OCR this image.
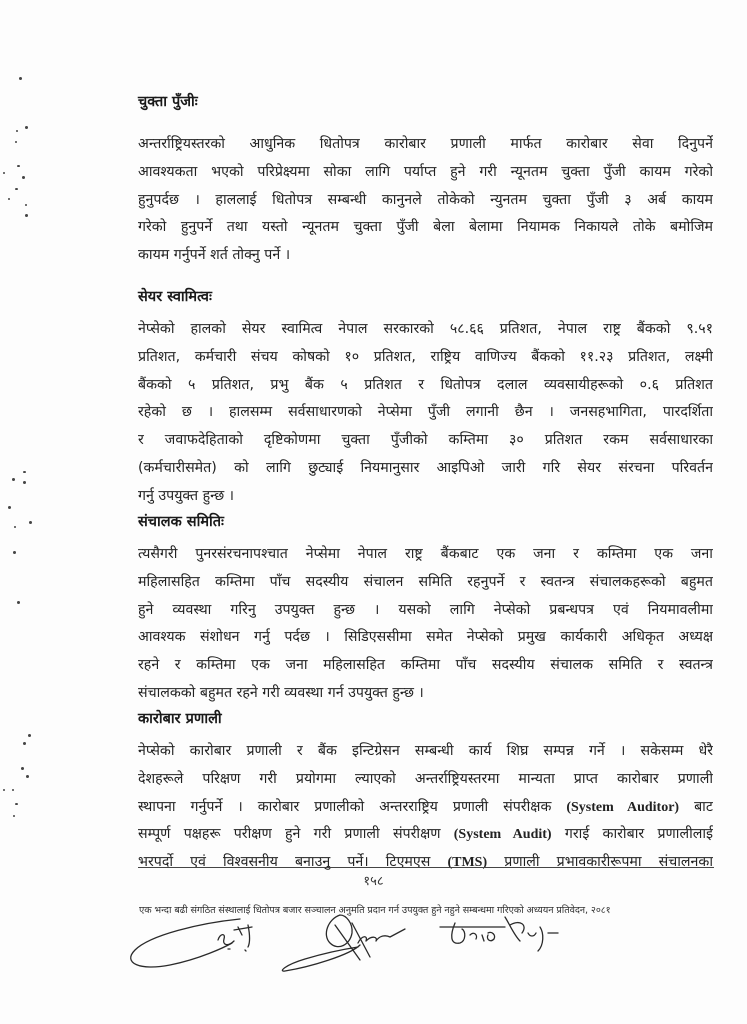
चुक्ता पुँजीः
अन्तर्राष्ट्रियस्तरको आधुनिक धितोपत्र कारोबार प्रणाली मार्फत कारोबार सेवा दिनुपर्ने
आवश्यकता भएको परिप्रेक्ष्यमा सोका लागि पर्याप्त हुने गरी न्यूनतम चुक्ता पुँजी कायम गरेको
हुनुपर्दछ । हाललाई धितोपत्र सम्बन्धी कानुनले तोकेको न्युनतम चुक्ता पुँजी ३ अर्ब कायम
गरेको हुनुपर्ने तथा यस्तो न्यूनतम चुक्ता पुँजी बेला बेलामा नियामक निकायले तोके बमोजिम
कायम गर्नुपर्ने शर्त तोक्नु पर्ने ।
सेयर स्वामित्वः
नेप्सेको हालको सेयर स्वामित्व नेपाल सरकारको ५८.६६ प्रतिशत, नेपाल राष्ट्र बैंकको ९.५१
प्रतिशत, कर्मचारी संचय कोषको १० प्रतिशत, राष्ट्रिय वाणिज्य बैंकको ११.२३ प्रतिशत, लक्ष्मी
बैंकको ५ प्रतिशत, प्रभु बैंक ५ प्रतिशत र धितोपत्र दलाल व्यवसायीहरूको ०.६ प्रतिशत
रहेको छ । हालसम्म सर्वसाधारणको नेप्सेमा पुँजी लगानी छैन । जनसहभागिता, पारदर्शिता
र जवाफदेहिताको दृष्टिकोणमा चुक्ता पुँजीको कम्तिमा ३० प्रतिशत रकम सर्वसाधारका
(कर्मचारीसमेत) को लागि छुट्याई नियमानुसार आइपिओ जारी गरि सेयर संरचना परिवर्तन
गर्नु उपयुक्त हुन्छ ।
संचालक समितिः
त्यसैगरी पुनरसंरचनापश्चात नेप्सेमा नेपाल राष्ट्र बैंकबाट एक जना र कम्तिमा एक जना
महिलासहित कम्तिमा पाँच सदस्यीय संचालन समिति रहनुपर्ने र स्वतन्त्र संचालकहरूको बहुमत
हुने व्यवस्था गरिनु उपयुक्त हुन्छ । यसको लागि नेप्सेको प्रबन्धपत्र एवं नियमावलीमा
आवश्यक संशोधन गर्नु पर्दछ । सिडिएससीमा समेत नेप्सेको प्रमुख कार्यकारी अधिकृत अध्यक्ष
रहने र कम्तिमा एक जना महिलासहित कम्तिमा पाँच सदस्यीय संचालक समिति र स्वतन्त्र
संचालकको बहुमत रहने गरी व्यवस्था गर्न उपयुक्त हुन्छ ।
कारोबार प्रणाली
नेप्सेको कारोबार प्रणाली र बैंक इन्टिग्रेसन सम्बन्धी कार्य शिघ्र सम्पन्न गर्ने । सकेसम्म धेरै
देशहरूले परिक्षण गरी प्रयोगमा ल्याएको अन्तर्राष्ट्रियस्तरमा मान्यता प्राप्त कारोबार प्रणाली
स्थापना गर्नुपर्ने । कारोबार प्रणालीको अन्तरराष्ट्रिय प्रणाली संपरीक्षक (System Auditor) बाट
सम्पूर्ण पक्षहरू परीक्षण हुने गरी प्रणाली संपरीक्षण (System Audit) गराई कारोबार प्रणालीलाई
भरपर्दो एवं विश्वसनीय बनाउनु पर्ने। टिएमएस (TMS) प्रणाली प्रभावकारीरूपमा संचालनका
१५८
एक भन्दा बढी संगठित संस्थालाई धितोपत्र बजार सञ्चालन अनुमति प्रदान गर्न उपयुक्त हुने नहुने सम्बन्धमा गरिएको अध्ययन प्रतिवेदन, २०८१
